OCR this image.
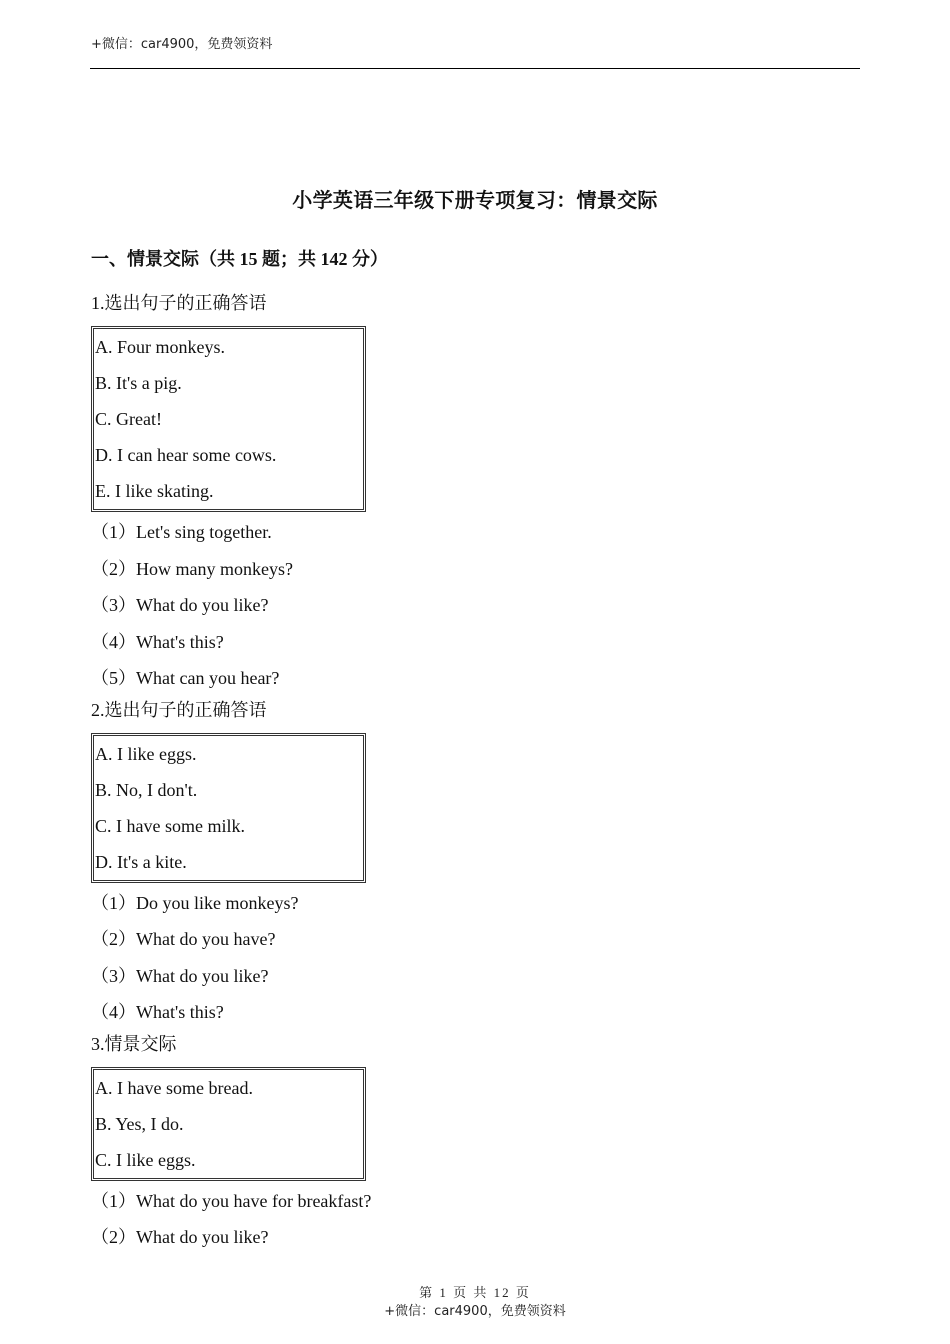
+微信：car4900，免费领资料
小学英语三年级下册专项复习：情景交际
一、情景交际（共 15 题；共 142 分）
1.选出句子的正确答语
A. Four monkeys.
B. It's a pig.
C. Great!
D. I can hear some cows.
E. I like skating.
（1）Let's sing together.
（2）How many monkeys?
（3）What do you like?
（4）What's this?
（5）What can you hear?
2.选出句子的正确答语
A. I like eggs.
B. No, I don't.
C. I have some milk.
D. It's a kite.
（1）Do you like monkeys?
（2）What do you have?
（3）What do you like?
（4）What's this?
3.情景交际
A. I have some bread.
B. Yes, I do.
C. I like eggs.
（1）What do you have for breakfast?
（2）What do you like?
第 1 页 共 12 页
+微信：car4900，免费领资料
